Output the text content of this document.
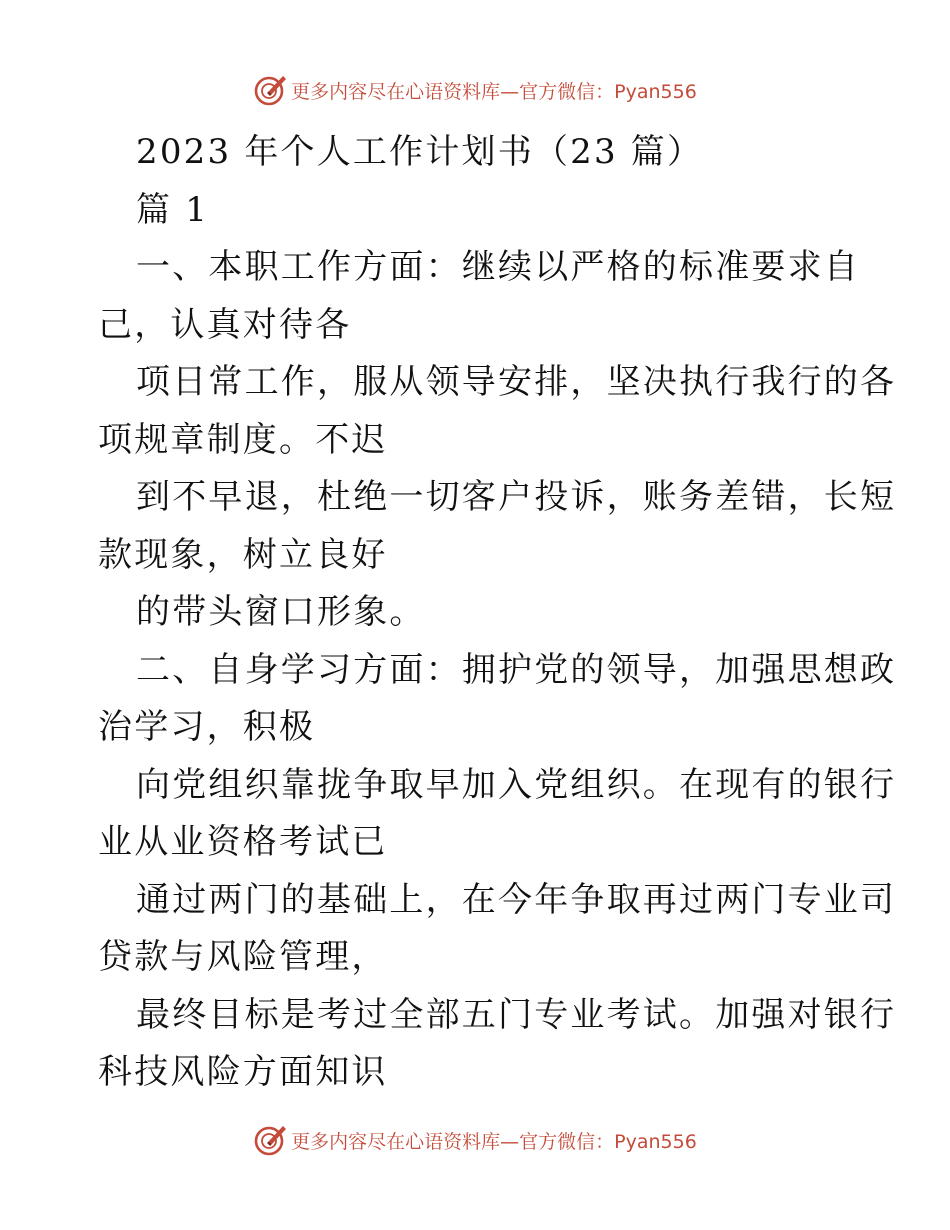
更多内容尽在心语资料库—官方微信：Pyan556
2023 年个人工作计划书（23 篇）
篇 1
一、本职工作方面：继续以严格的标准要求自
己，认真对待各
项日常工作，服从领导安排，坚决执行我行的各
项规章制度。不迟
到不早退，杜绝一切客户投诉，账务差错，长短
款现象，树立良好
的带头窗口形象。
二、自身学习方面：拥护党的领导，加强思想政
治学习，积极
向党组织靠拢争取早加入党组织。在现有的银行
业从业资格考试已
通过两门的基础上，在今年争取再过两门专业司
贷款与风险管理，
最终目标是考过全部五门专业考试。加强对银行
科技风险方面知识
更多内容尽在心语资料库—官方微信：Pyan556
